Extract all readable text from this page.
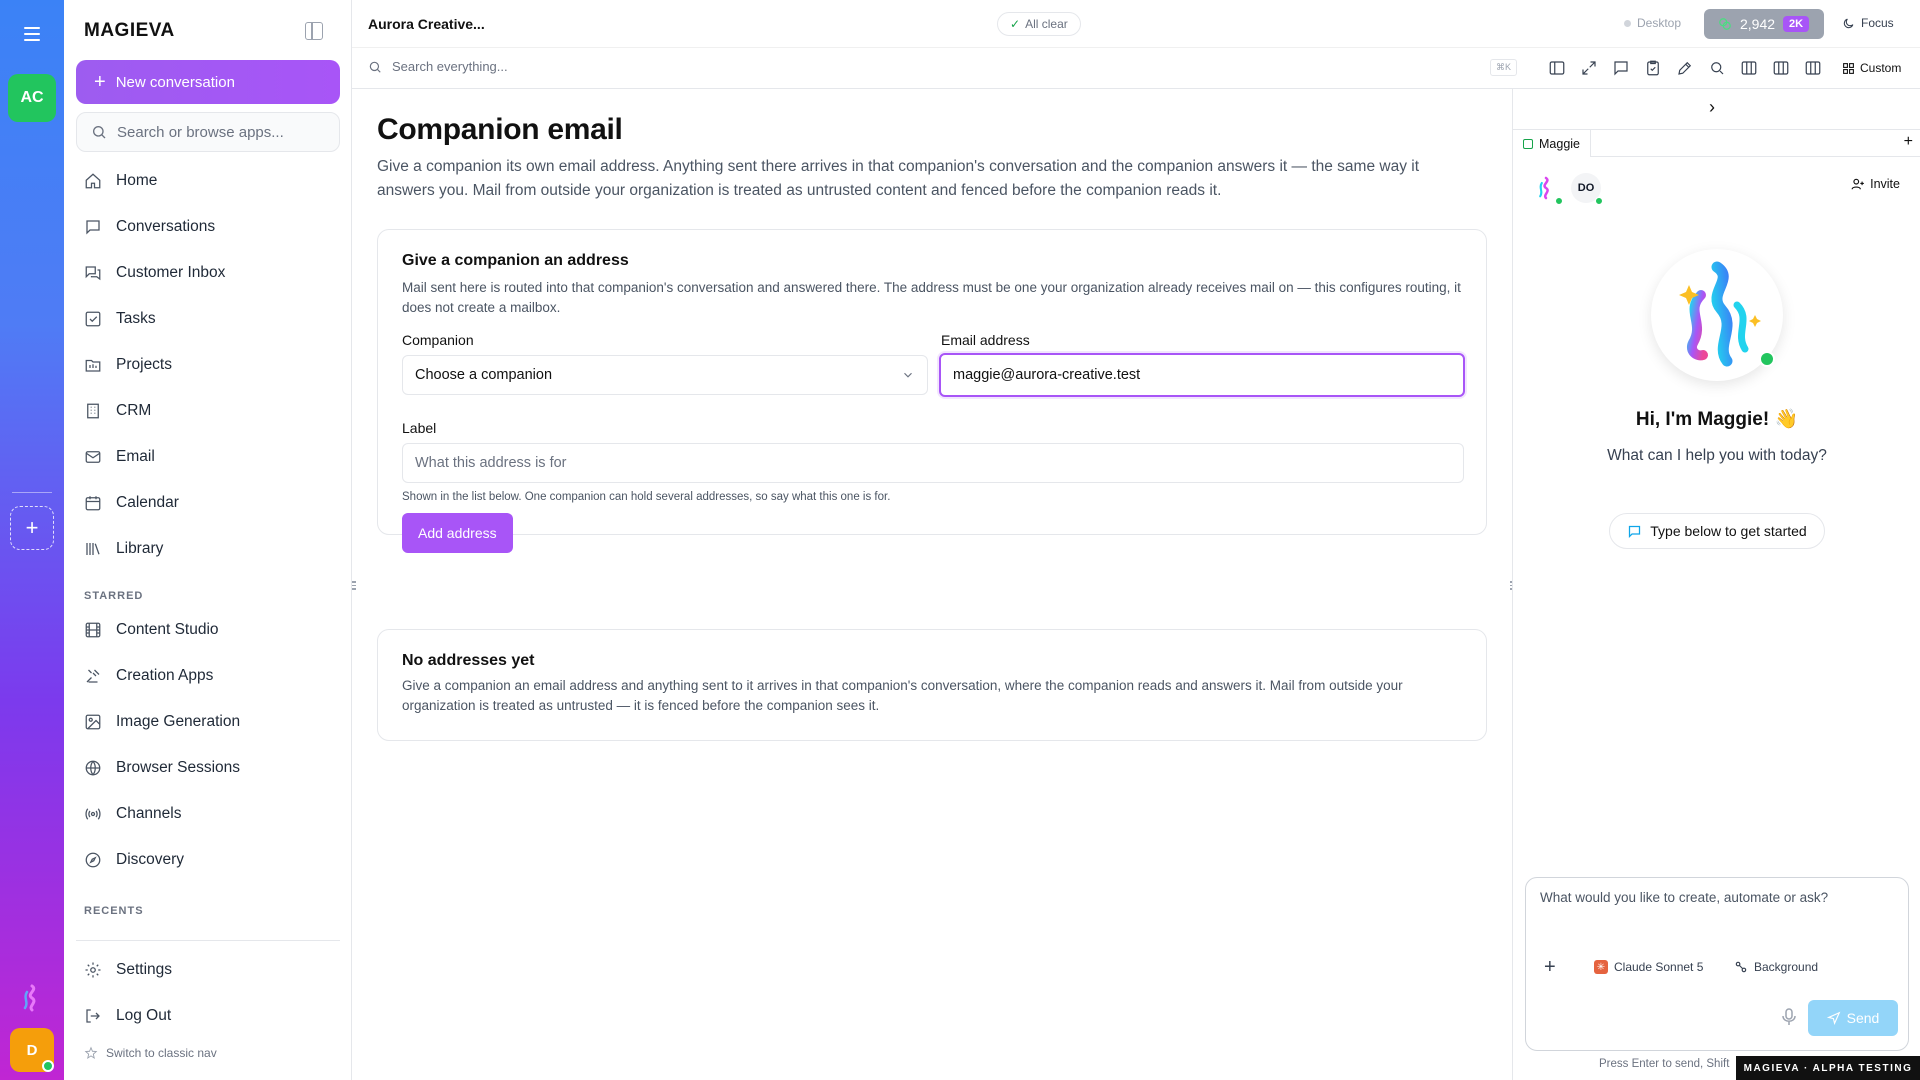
AC
+
D
MAGIEVA
+ New conversation
Search or browse apps...
Home
Conversations
Customer Inbox
Tasks
Projects
CRM
Email
Calendar
Library
STARRED
Content Studio
Creation Apps
Image Generation
Browser Sessions
Channels
Discovery
RECENTS
Settings
Log Out
Switch to classic nav
Aurora Creative...	✓ All clear	Desktop	2,942	2K	Focus
Search everything...
⌘K	Custom
Companion email

Give a companion its own email address. Anything sent there arrives in that companion's conversation and the companion answers it — the same way it answers you. Mail from outside your organization is treated as untrusted content and fenced before the companion reads it.

Give a companion an address

Mail sent here is routed into that companion's conversation and answered there. The address must be one your organization already receives mail on — this configures routing, it does not create a mailbox.

Companion
Choose a companion
Email address
maggie@aurora-creative.test
Label
What this address is for
Shown in the list below. One companion can hold several addresses, so say what this one is for.
Add address
No addresses yet

Give a companion an email address and anything sent to it arrives in that companion's conversation, where the companion reads and answers it. Mail from outside your organization is treated as untrusted — it is fenced before the companion sees it.

›
Maggie	+
DO	Invite
Hi, I'm Maggie! 👋
What can I help you with today?
Type below to get started
What would you like to create, automate or ask?
+	✳ Claude Sonnet 5	Background
Send
Press Enter to send, Shift	MAGIEVA · ALPHA TESTING
